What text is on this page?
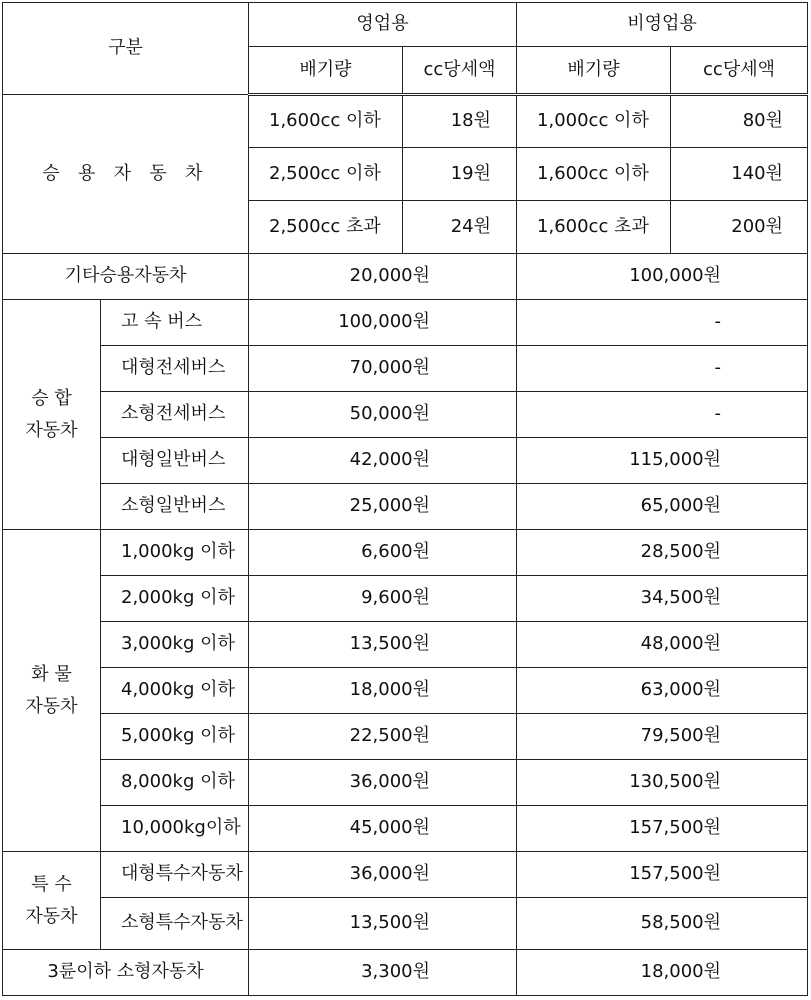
구분		영업용		비영업용	
		배기량	cc당세액	배기량	cc당세액
승 용 자 동 차		1,600cc 이하	18원	1,000cc 이하	80원
		2,500cc 이하	19원	1,600cc 이하	140원
		2,500cc 초과	24원	1,600cc 초과	200원
기타승용자동차		20,000원		100,000원	
승 합
자동차	고 속 버스	100,000원		-	
	대형전세버스	70,000원		-	
	소형전세버스	50,000원		-	
	대형일반버스	42,000원		115,000원	
	소형일반버스	25,000원		65,000원	
화 물
자동차	1,000kg 이하	6,600원		28,500원	
	2,000kg 이하	9,600원		34,500원	
	3,000kg 이하	13,500원		48,000원	
	4,000kg 이하	18,000원		63,000원	
	5,000kg 이하	22,500원		79,500원	
	8,000kg 이하	36,000원		130,500원	
	10,000kg이하	45,000원		157,500원	
특 수
자동차	대형특수자동차	36,000원		157,500원	
	소형특수자동차	13,500원		58,500원	
3륜이하 소형자동차		3,300원		18,000원	
